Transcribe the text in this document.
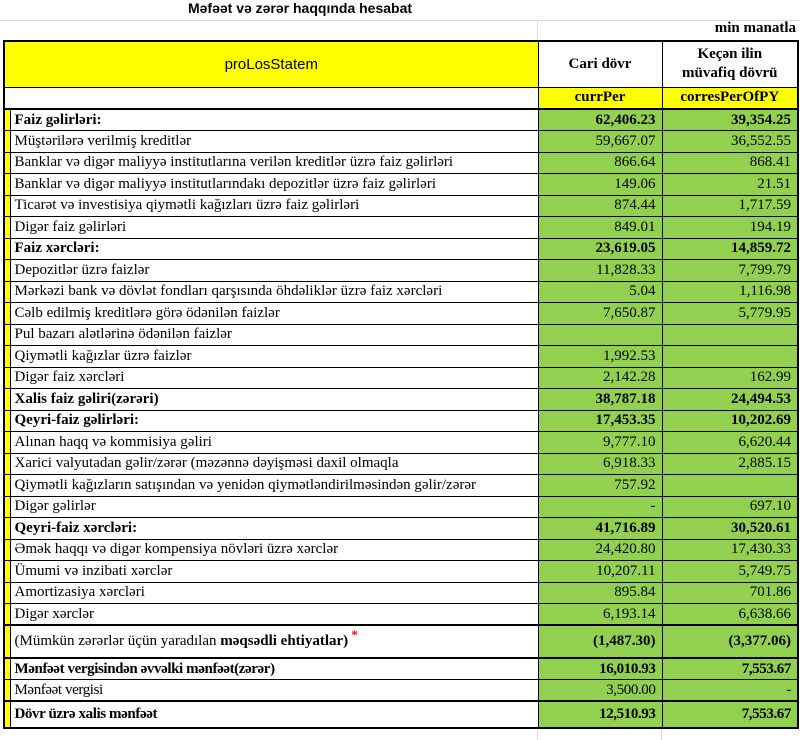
Məfəət və zərər haqqında hesabat
min manatla
proLosStatem		Cari dövr	Keçən ilin
müvafiq dövrü

		currPer	corresPerOfPY
	Faiz gəlirləri:	62,406.23	39,354.25
	Müştərilərə verilmiş kreditlər	59,667.07	36,552.55
	Banklar və digər maliyyə institutlarına verilən kreditlər üzrə faiz gəlirləri	866.64	868.41
	Banklar və digər maliyyə institutlarındakı depozitlər üzrə faiz gəlirləri	149.06	21.51
	Ticarət və investisiya qiymətli kağızları üzrə faiz gəlirləri	874.44	1,717.59
	Digər faiz gəlirləri	849.01	194.19
	Faiz xərcləri:	23,619.05	14,859.72
	Depozitlər üzrə faizlər	11,828.33	7,799.79
	Mərkəzi bank və dövlət fondları qarşısında öhdəliklər üzrə faiz xərcləri	5.04	1,116.98
	Cəlb edilmiş kreditlərə görə ödənilən faizlər	7,650.87	5,779.95
	Pul bazarı alətlərinə ödənilən faizlər		
	Qiymətli kağızlar üzrə faizlər	1,992.53	
	Digər faiz xərcləri	2,142.28	162.99
	Xalis faiz gəliri(zərəri)	38,787.18	24,494.53
	Qeyri-faiz gəlirləri:	17,453.35	10,202.69
	Alınan haqq və kommisiya gəliri	9,777.10	6,620.44
	Xarici valyutadan gəlir/zərər (məzənnə dəyişməsi daxil olmaqla	6,918.33	2,885.15
	Qiymətli kağızların satışından və yenidən qiymətləndirilməsindən gəlir/zərər	757.92	
	Digər gəlirlər	-	697.10
	Qeyri-faiz xərcləri:	41,716.89	30,520.61
	Əmək haqqı və digər kompensiya növləri üzrə xərclər	24,420.80	17,430.33
	Ümumi və inzibati xərclər	10,207.11	5,749.75
	Amortizasiya xərcləri	895.84	701.86
	Digər xərclər	6,193.14	6,638.66
	(Mümkün zərərlər üçün yaradılan məqsədli ehtiyatlar) *	(1,487.30)	(3,377.06)
	Mənfəət vergisindən əvvəlki mənfəət(zərər)	16,010.93	7,553.67
	Mənfəət vergisi	3,500.00	-
	Dövr üzrə xalis mənfəət	12,510.93	7,553.67
